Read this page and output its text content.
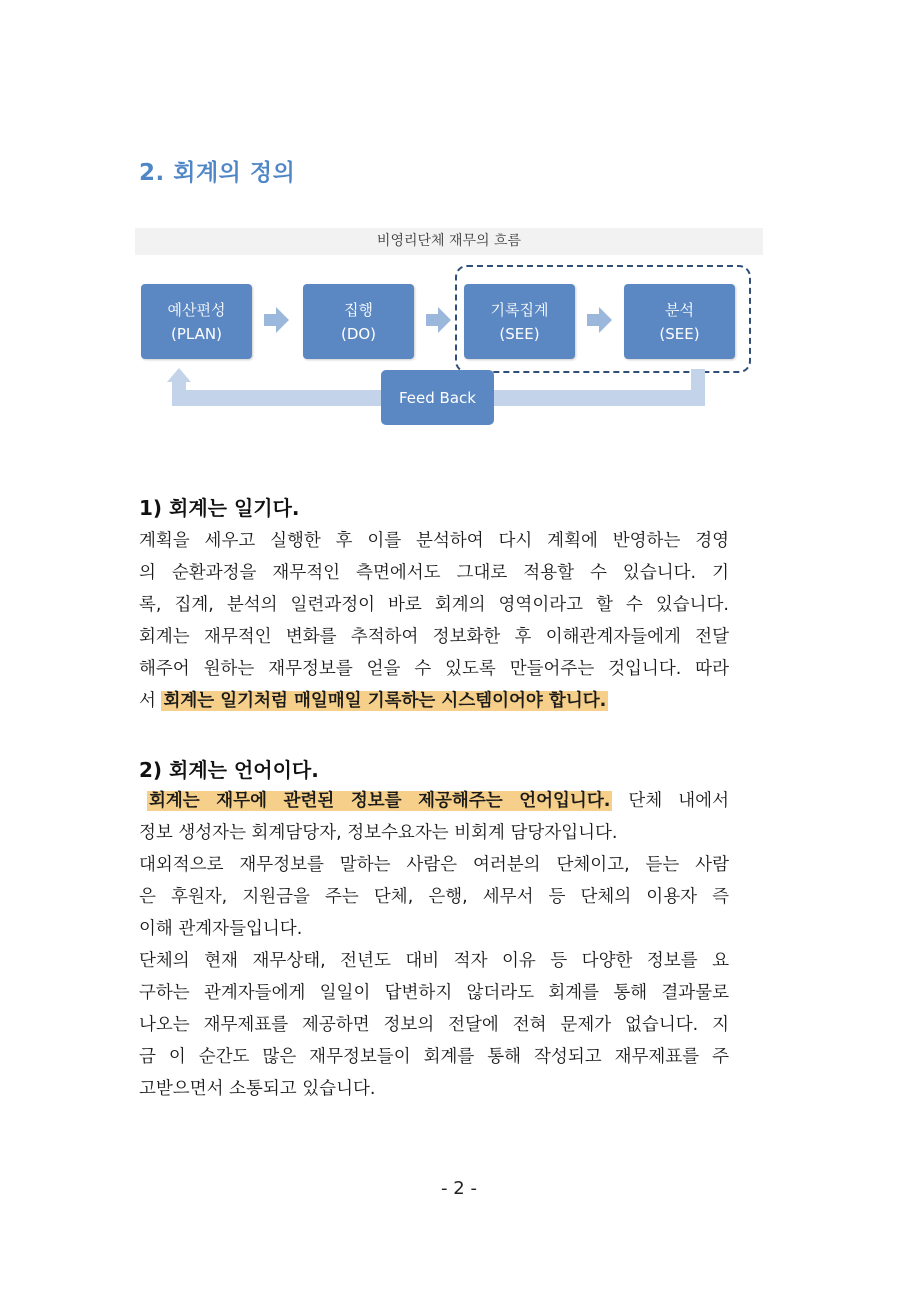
2. 회계의 정의
비영리단체 재무의 흐름
예산편성
(PLAN)
집행
(DO)
기록집계
(SEE)
분석
(SEE)
Feed Back
1) 회계는 일기다.
계획을 세우고 실행한 후 이를 분석하여 다시 계획에 반영하는 경영
의 순환과정을 재무적인 측면에서도 그대로 적용할 수 있습니다. 기
록, 집계, 분석의 일련과정이 바로 회계의 영역이라고 할 수 있습니다.
회계는 재무적인 변화를 추적하여 정보화한 후 이해관계자들에게 전달
해주어 원하는 재무정보를 얻을 수 있도록 만들어주는 것입니다. 따라
서 회계는 일기처럼 매일매일 기록하는 시스템이어야 합니다.
2) 회계는 언어이다.
회계는 재무에 관련된 정보를 제공해주는 언어입니다. 단체 내에서
정보 생성자는 회계담당자, 정보수요자는 비회계 담당자입니다.
대외적으로 재무정보를 말하는 사람은 여러분의 단체이고, 듣는 사람
은 후원자, 지원금을 주는 단체, 은행, 세무서 등 단체의 이용자 즉
이해 관계자들입니다.
단체의 현재 재무상태, 전년도 대비 적자 이유 등 다양한 정보를 요
구하는 관계자들에게 일일이 답변하지 않더라도 회계를 통해 결과물로
나오는 재무제표를 제공하면 정보의 전달에 전혀 문제가 없습니다. 지
금 이 순간도 많은 재무정보들이 회계를 통해 작성되고 재무제표를 주
고받으면서 소통되고 있습니다.
- 2 -
